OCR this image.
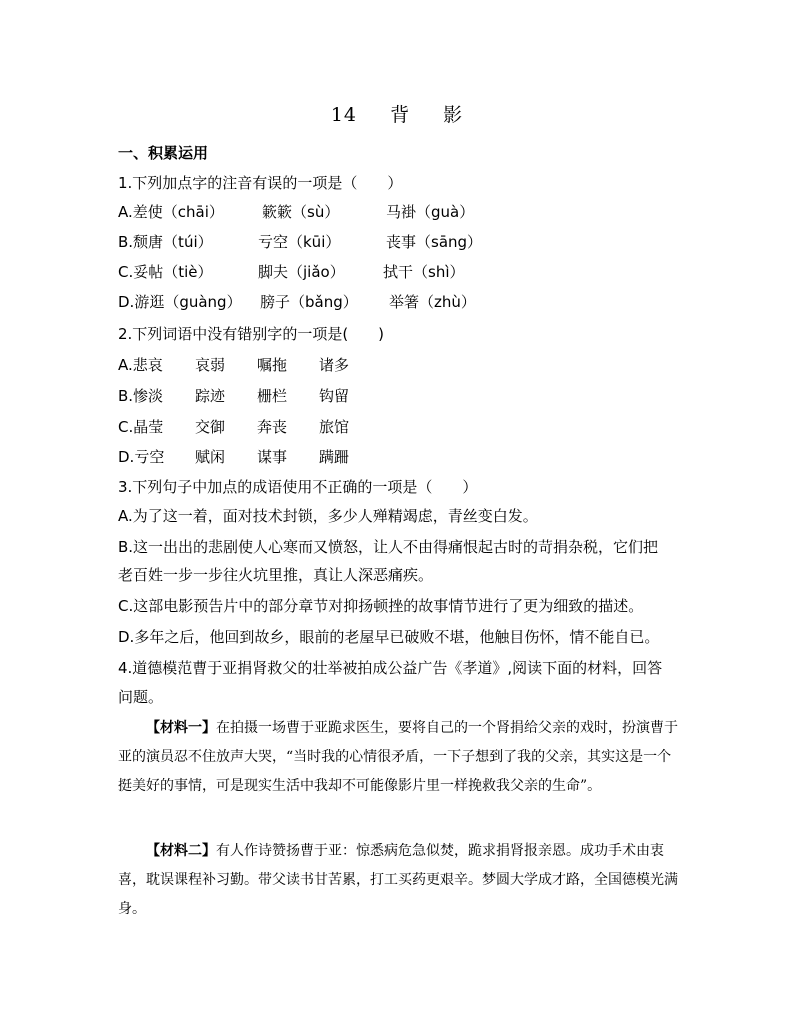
14 背 影
一、积累运用
1.下列加点字的注音有误的一项是（　　）
A.差使（chāi）	簌簌（sù）	马褂（guà）
B.颓唐（túi）	亏空（kūi）	丧事（sāng）
C.妥帖（tiè）	脚夫（jiǎo）	拭干（shì）
D.游逛（guàng） 膀子（bǎng） 举箸（zhù）
2.下列词语中没有错别字的一项是(　　)
A.悲哀 哀弱 嘱拖 诸多
B.惨淡 踪迹 栅栏 钩留
C.晶莹 交御 奔丧 旅馆
D.亏空 赋闲 谋事 蹒跚
3.下列句子中加点的成语使用不正确的一项是（　　）
A.为了这一着，面对技术封锁，多少人殚精竭虑，青丝变白发。
B.这一出出的悲剧使人心寒而又愤怒，让人不由得痛恨起古时的苛捐杂税，它们把
老百姓一步一步往火坑里推，真让人深恶痛疾。
C.这部电影预告片中的部分章节对抑扬顿挫的故事情节进行了更为细致的描述。
D.多年之后，他回到故乡，眼前的老屋早已破败不堪，他触目伤怀，情不能自已。
4.道德模范曹于亚捐肾救父的壮举被拍成公益广告《孝道》,阅读下面的材料，回答
问题。
【材料一】在拍摄一场曹于亚跪求医生，要将自己的一个肾捐给父亲的戏时，扮演曹于亚的演员忍不住放声大哭，“当时我的心情很矛盾，一下子想到了我的父亲，其实这是一个挺美好的事情，可是现实生活中我却不可能像影片里一样挽救我父亲的生命”。
【材料二】有人作诗赞扬曹于亚：惊悉病危急似焚，跪求捐肾报亲恩。成功手术由衷喜，耽误课程补习勤。带父读书甘苦累，打工买药更艰辛。梦圆大学成才路，全国德模光满身。
